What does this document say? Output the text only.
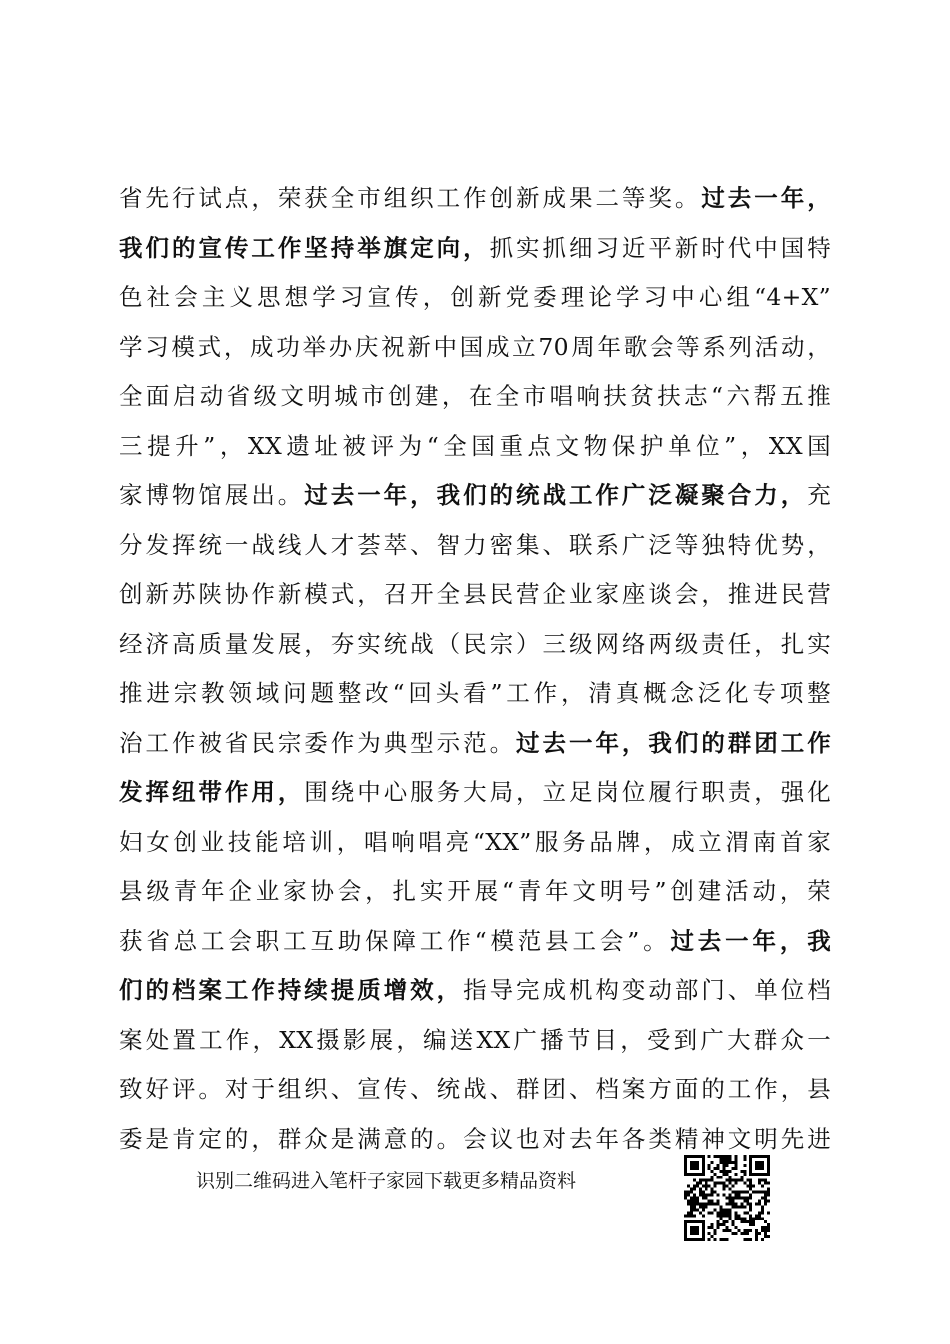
省先行试点，荣获全市组织工作创新成果二等奖。过去一年，
我们的宣传工作坚持举旗定向，抓实抓细习近平新时代中国特
色社会主义思想学习宣传，创新党委理论学习中心组“4+X”
学习模式，成功举办庆祝新中国成立70周年歌会等系列活动，
全面启动省级文明城市创建，在全市唱响扶贫扶志“六帮五推
三提升”，XX遗址被评为“全国重点文物保护单位”，XX国
家博物馆展出。过去一年，我们的统战工作广泛凝聚合力，充
分发挥统一战线人才荟萃、智力密集、联系广泛等独特优势，
创新苏陕协作新模式，召开全县民营企业家座谈会，推进民营
经济高质量发展，夯实统战（民宗）三级网络两级责任，扎实
推进宗教领域问题整改“回头看”工作，清真概念泛化专项整
治工作被省民宗委作为典型示范。过去一年，我们的群团工作
发挥纽带作用，围绕中心服务大局，立足岗位履行职责，强化
妇女创业技能培训，唱响唱亮“XX”服务品牌，成立渭南首家
县级青年企业家协会，扎实开展“青年文明号”创建活动，荣
获省总工会职工互助保障工作“模范县工会”。过去一年，我
们的档案工作持续提质增效，指导完成机构变动部门、单位档
案处置工作，XX摄影展，编送XX广播节目，受到广大群众一
致好评。对于组织、宣传、统战、群团、档案方面的工作，县
委是肯定的，群众是满意的。会议也对去年各类精神文明先进
识别二维码进入笔杆子家园下载更多精品资料
